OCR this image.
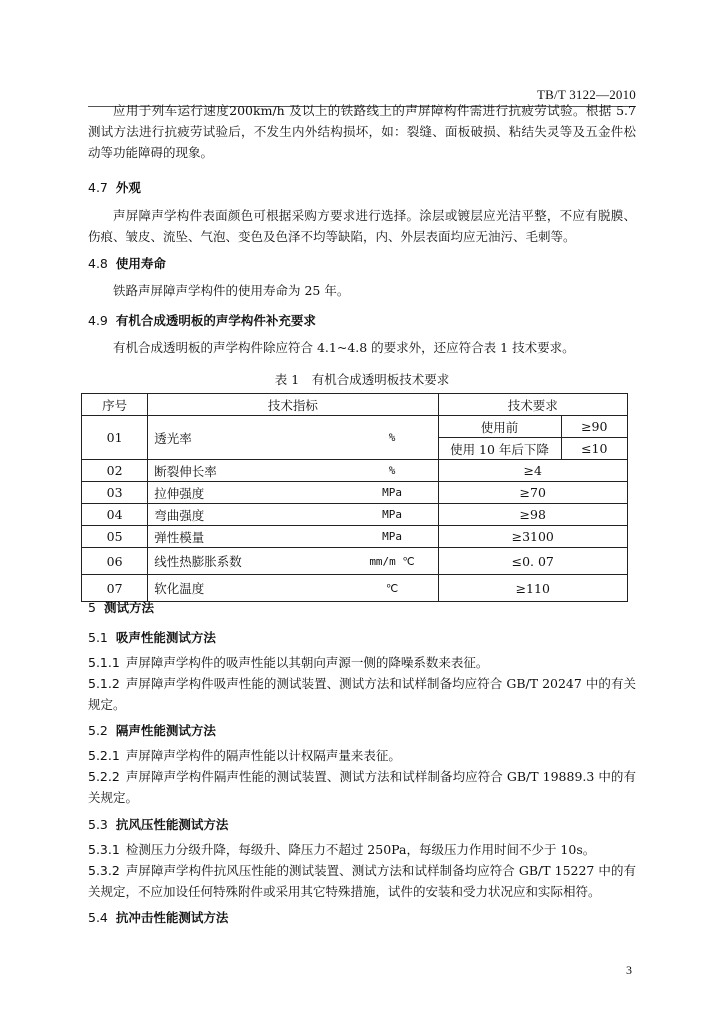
TB/T 3122—2010
应用于列车运行速度200km/h 及以上的铁路线上的声屏障构件需进行抗疲劳试验。根据 5.7 测试方法进行抗疲劳试验后，不发生内外结构损坏，如：裂缝、面板破损、粘结失灵等及五金件松动等功能障碍的现象。
4.7 外观
声屏障声学构件表面颜色可根据采购方要求进行选择。涂层或镀层应光洁平整，不应有脱膜、伤痕、皱皮、流坠、气泡、变色及色泽不均等缺陷，内、外层表面均应无油污、毛刺等。
4.8 使用寿命
铁路声屏障声学构件的使用寿命为 25 年。
4.9 有机合成透明板的声学构件补充要求
有机合成透明板的声学构件除应符合 4.1~4.8 的要求外，还应符合表 1 技术要求。
表 1　有机合成透明板技术要求
序号	技术指标		技术要求	
01	透光率	%	使用前	≥90
			使用 10 年后下降	≤10
02	断裂伸长率	%	≥4	
03	拉伸强度	MPa	≥70	
04	弯曲强度	MPa	≥98	
05	弹性模量	MPa	≥3100	
06	线性热膨胀系数	mm/m ℃	≤0. 07	
07	软化温度	℃	≥110	
5 测试方法
5.1 吸声性能测试方法
5.1.1 声屏障声学构件的吸声性能以其朝向声源一侧的降噪系数来表征。
5.1.2 声屏障声学构件吸声性能的测试装置、测试方法和试样制备均应符合 GB/T 20247 中的有关规定。
5.2 隔声性能测试方法
5.2.1 声屏障声学构件的隔声性能以计权隔声量来表征。
5.2.2 声屏障声学构件隔声性能的测试装置、测试方法和试样制备均应符合 GB/T 19889.3 中的有关规定。
5.3 抗风压性能测试方法
5.3.1 检测压力分级升降，每级升、降压力不超过 250Pa，每级压力作用时间不少于 10s。
5.3.2 声屏障声学构件抗风压性能的测试装置、测试方法和试样制备均应符合 GB/T 15227 中的有关规定，不应加设任何特殊附件或采用其它特殊措施，试件的安装和受力状况应和实际相符。
5.4 抗冲击性能测试方法
3
